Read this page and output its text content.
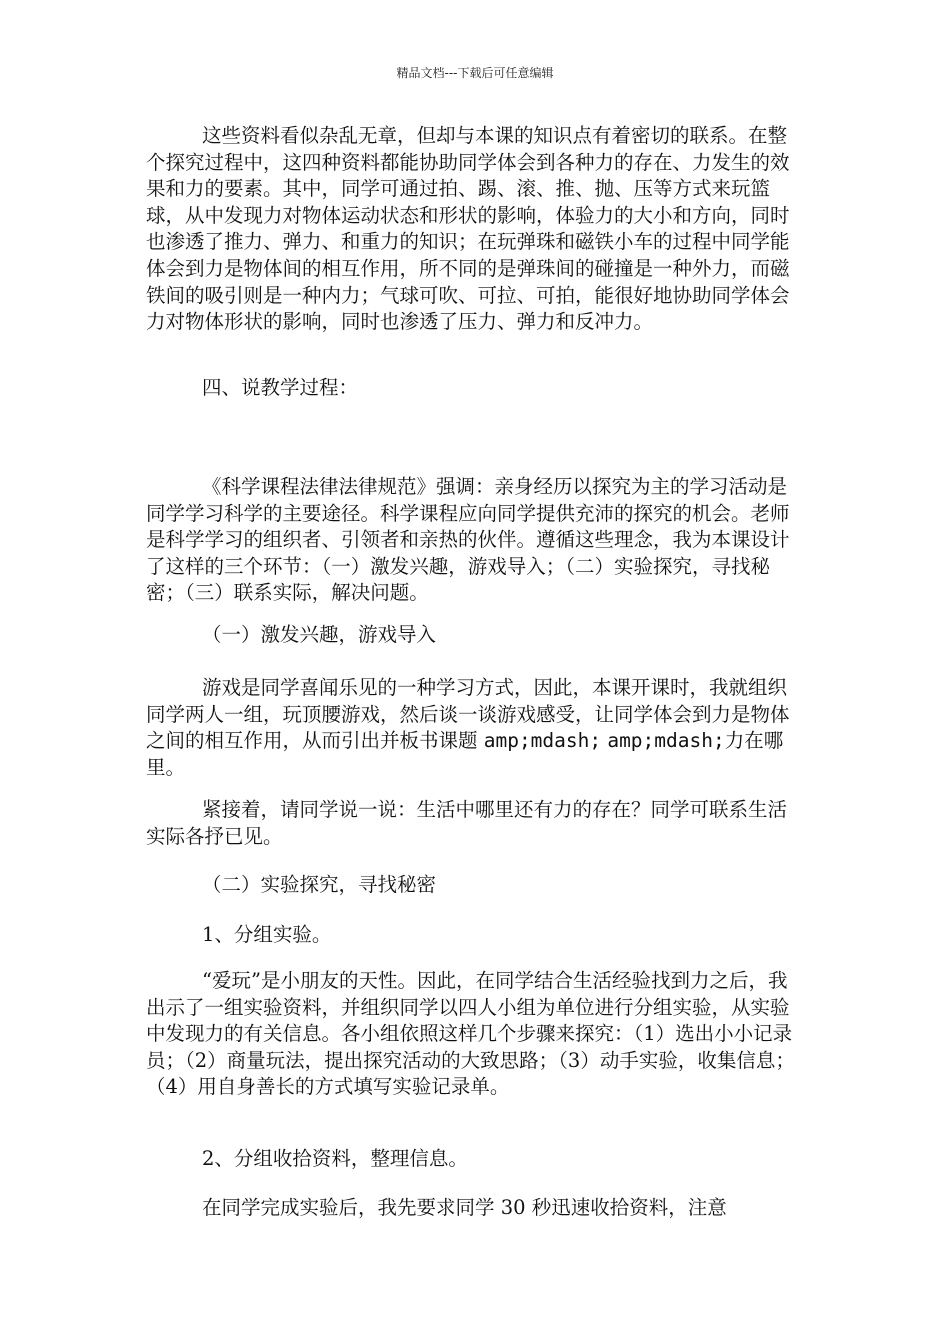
精品文档---下载后可任意编辑

这些资料看似杂乱无章，但却与本课的知识点有着密切的联系。在整个探究过程中，这四种资料都能协助同学体会到各种力的存在、力发生的效果和力的要素。其中，同学可通过拍、踢、滚、推、抛、压等方式来玩篮球，从中发现力对物体运动状态和形状的影响，体验力的大小和方向，同时也渗透了推力、弹力、和重力的知识；在玩弹珠和磁铁小车的过程中同学能体会到力是物体间的相互作用，所不同的是弹珠间的碰撞是一种外力，而磁铁间的吸引则是一种内力；气球可吹、可拉、可拍，能很好地协助同学体会力对物体形状的影响，同时也渗透了压力、弹力和反冲力。

四、说教学过程：

《科学课程法律法律规范》强调：亲身经历以探究为主的学习活动是同学学习科学的主要途径。科学课程应向同学提供充沛的探究的机会。老师是科学学习的组织者、引领者和亲热的伙伴。遵循这些理念，我为本课设计了这样的三个环节：（一）激发兴趣，游戏导入；（二）实验探究，寻找秘密；（三）联系实际，解决问题。

（一）激发兴趣，游戏导入

游戏是同学喜闻乐见的一种学习方式，因此，本课开课时，我就组织同学两人一组，玩顶腰游戏，然后谈一谈游戏感受，让同学体会到力是物体之间的相互作用，从而引出并板书课题 amp;mdash; amp;mdash;力在哪里。

紧接着，请同学说一说：生活中哪里还有力的存在？同学可联系生活实际各抒已见。

（二）实验探究，寻找秘密

1、分组实验。

“爱玩”是小朋友的天性。因此，在同学结合生活经验找到力之后，我出示了一组实验资料，并组织同学以四人小组为单位进行分组实验，从实验中发现力的有关信息。各小组依照这样几个步骤来探究：（1）选出小小记录员；（2）商量玩法，提出探究活动的大致思路；（3）动手实验，收集信息；（4）用自身善长的方式填写实验记录单。

2、分组收拾资料，整理信息。

在同学完成实验后，我先要求同学 30 秒迅速收拾资料，注意
